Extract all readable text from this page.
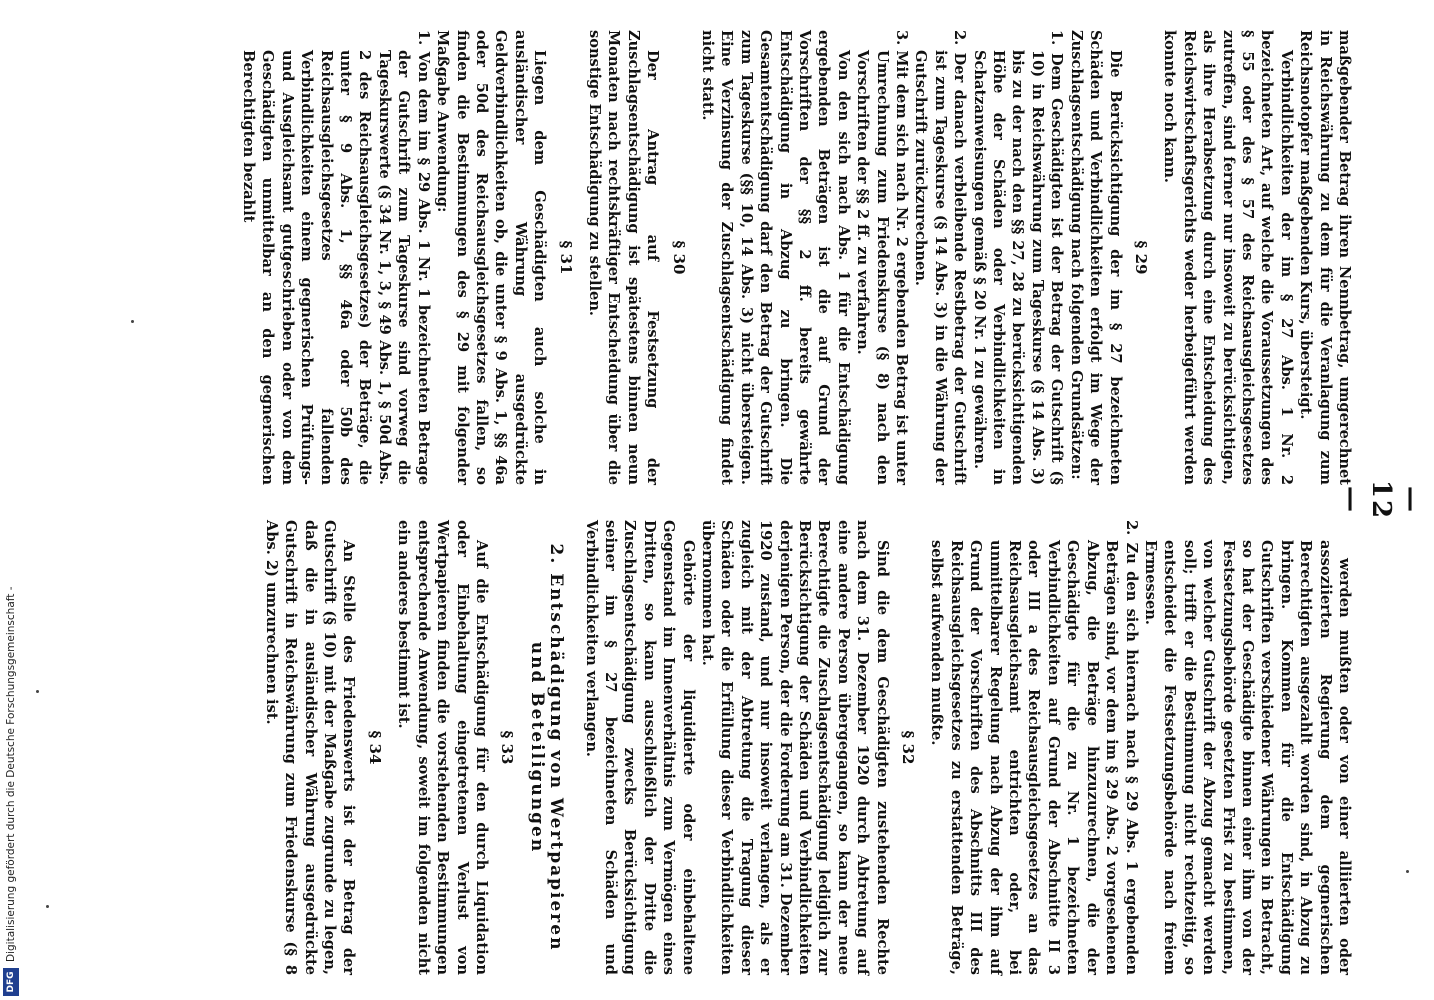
— 12 —

maßgebender Betrag ihren Nennbetrag, umgerechnet in Reichswährung zu dem für die Veranlagung zum Reichsnotopfer maßgebenden Kurs, übersteigt.

Verbindlichkeiten der im § 27 Abs. 1 Nr. 2 bezeichneten Art, auf welche die Voraussetzungen des § 55 oder des § 57 des Reichsausgleichsgesetzes zutreffen, sind ferner nur insoweit zu berücksichtigen, als ihre Herabsetzung durch eine Entscheidung des Reichswirtschaftsgerichts weder herbeigeführt werden konnte noch kann.

§ 29

Die Berücksichtigung der im § 27 bezeichneten Schäden und Verbindlichkeiten erfolgt im Wege der Zuschlagsentschädigung nach folgenden Grundsätzen:

1. Dem Geschädigten ist der Betrag der Gutschrift (§ 10) in Reichswährung zum Tageskurse (§ 14 Abs. 3) bis zu der nach den §§ 27, 28 zu berücksichtigenden Höhe der Schäden oder Verbindlichkeiten in Schatzanweisungen gemäß § 20 Nr. 1 zu gewähren.

2. Der danach verbleibende Restbetrag der Gutschrift ist zum Tageskurse (§ 14 Abs. 3) in die Währung der Gutschrift zurückzurechnen.

3. Mit dem sich nach Nr. 2 ergebenden Betrag ist unter Umrechnung zum Friedenskurse (§ 8) nach den Vorschriften der §§ 2 ff. zu verfahren.

Von den sich nach Abs. 1 für die Entschädigung ergebenden Beträgen ist die auf Grund der Vorschriften der §§ 2 ff. bereits gewährte Entschädigung in Abzug zu bringen. Die Gesamtentschädigung darf den Betrag der Gutschrift zum Tageskurse (§§ 10, 14 Abs. 3) nicht übersteigen. Eine Verzinsung der Zuschlagsentschädigung findet nicht statt.

§ 30

Der Antrag auf Festsetzung der Zuschlagsentschädigung ist spätestens binnen neun Monaten nach rechtskräftiger Entscheidung über die sonstige Entschädigung zu stellen.

§ 31

Liegen dem Geschädigten auch solche in ausländischer Währung ausgedrückte Geldverbindlichkeiten ob, die unter § 9 Abs. 1, §§ 46a oder 50d des Reichsausgleichsgesetzes fallen, so finden die Bestimmungen des § 29 mit folgender Maßgabe Anwendung:

1. Von dem im § 29 Abs. 1 Nr. 1 bezeichneten Betrage der Gutschrift zum Tageskurse sind vorweg die Tageskurswerte (§ 34 Nr. 1, 3, § 49 Abs. 1, § 50d Abs. 2 des Reichsausgleichsgesetzes) der Beträge, die unter § 9 Abs. 1, §§ 46a oder 50b des Reichsausgleichsgesetzes fallenden Verbindlichkeiten einem gegnerischen Prüfungs- und Ausgleichsamt gutgeschrieben oder von dem Geschädigten unmittelbar an den gegnerischen Berechtigten bezahlt

werden mußten oder von einer alliierten oder assoziierten Regierung dem gegnerischen Berechtigten ausgezahlt worden sind, in Abzug zu bringen. Kommen für die Entschädigung Gutschriften verschiedener Währungen in Betracht, so hat der Geschädigte binnen einer ihm von der Festsetzungsbehörde gesetzten Frist zu bestimmen, von welcher Gutschrift der Abzug gemacht werden soll; trifft er die Bestimmung nicht rechtzeitig, so entscheidet die Festsetzungsbehörde nach freiem Ermessen.

2. Zu den sich hiernach nach § 29 Abs. 1 ergebenden Beträgen sind, vor dem im § 29 Abs. 2 vorgesehenen Abzug, die Beträge hinzuzurechnen, die der Geschädigte für die zu Nr. 1 bezeichneten Verbindlichkeiten auf Grund der Abschnitte II 3 oder III a des Reichsausgleichsgesetzes an das Reichsausgleichsamt entrichten oder, bei unmittelbarer Regelung nach Abzug der ihm auf Grund der Vorschriften des Abschnitts III des Reichsausgleichsgesetzes zu erstattenden Beträge, selbst aufwenden mußte.

§ 32

Sind die dem Geschädigten zustehenden Rechte nach dem 31. Dezember 1920 durch Abtretung auf eine andere Person übergegangen, so kann der neue Berechtigte die Zuschlagsentschädigung lediglich zur Berücksichtigung der Schäden und Verbindlichkeiten derjenigen Person, der die Forderung am 31. Dezember 1920 zustand, und nur insoweit verlangen, als er zugleich mit der Abtretung die Tragung dieser Schäden oder die Erfüllung dieser Verbindlichkeiten übernommen hat.

Gehörte der liquidierte oder einbehaltene Gegenstand im Innenverhältnis zum Vermögen eines Dritten, so kann ausschließlich der Dritte die Zuschlagsentschädigung zwecks Berücksichtigung seiner im § 27 bezeichneten Schäden und Verbindlichkeiten verlangen.

2. Entschädigung von Wertpapieren und Beteiligungen
§ 33

Auf die Entschädigung für den durch Liquidation oder Einbehaltung eingetretenen Verlust von Wertpapieren finden die vorstehenden Bestimmungen entsprechende Anwendung, soweit im folgenden nicht ein anderes bestimmt ist.

§ 34

An Stelle des Friedenswerts ist der Betrag der Gutschrift (§ 10) mit der Maßgabe zugrunde zu legen, daß die in ausländischer Währung ausgedrückte Gutschrift in Reichswährung zum Friedenskurse (§ 8 Abs. 2) umzurechnen ist.

Digitalisierung gefördert durch die Deutsche Forschungsgemeinschaft -
DFG
